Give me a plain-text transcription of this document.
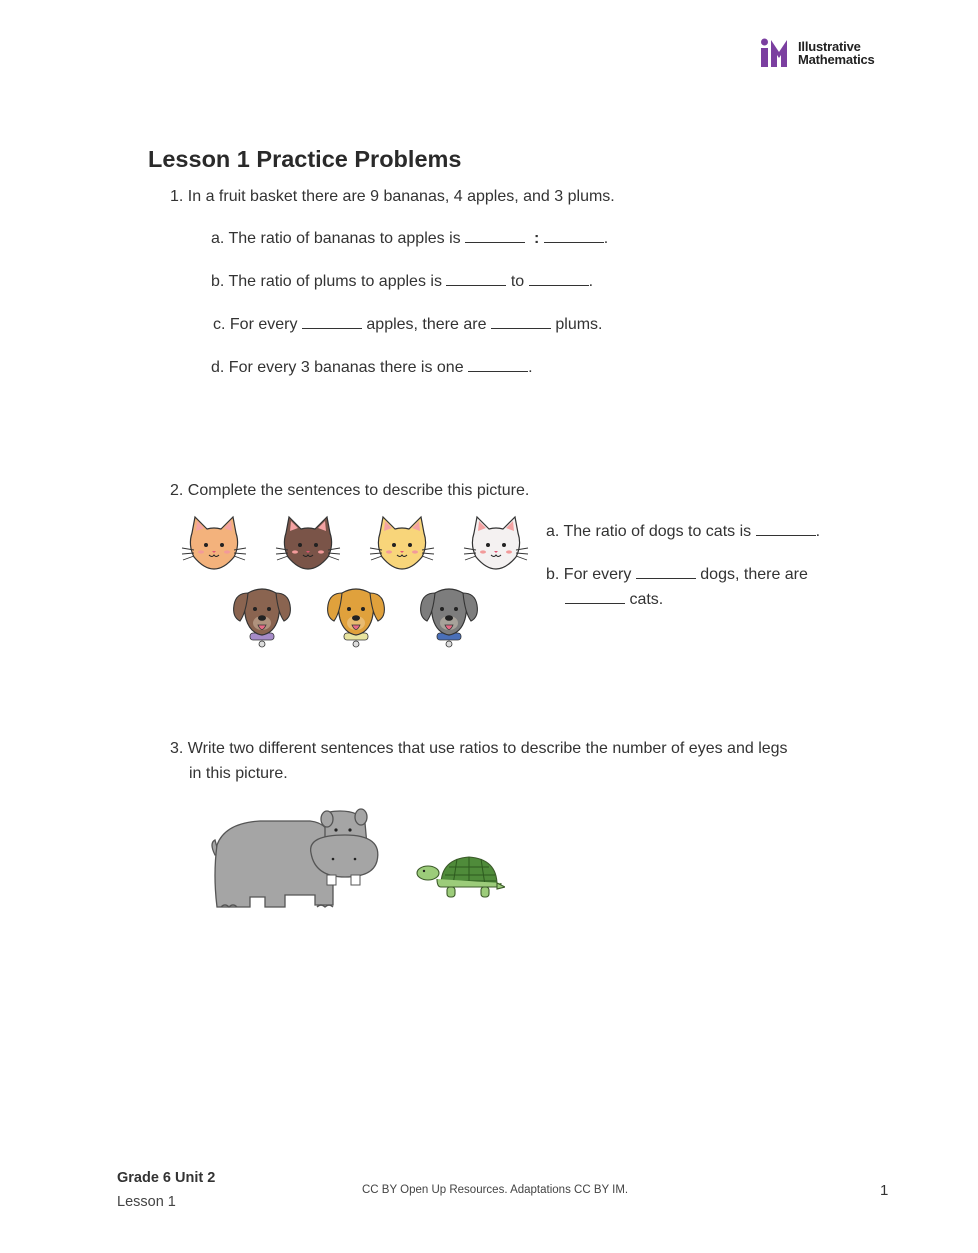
Illustrative
Mathematics
Lesson 1 Practice Problems
1. In a fruit basket there are 9 bananas, 4 apples, and 3 plums.
a. The ratio of bananas to apples is	:	.
b. The ratio of plums to apples is	to	.
c. For every	apples, there are	plums.
d. For every 3 bananas there is one	.
2. Complete the sentences to describe this picture.
a. The ratio of dogs to cats is	.
b. For every	dogs, there are
cats.
3. Write two different sentences that use ratios to describe the number of eyes and legs
in this picture.
Grade 6 Unit 2
Lesson 1
CC BY Open Up Resources. Adaptations CC BY IM.	1
